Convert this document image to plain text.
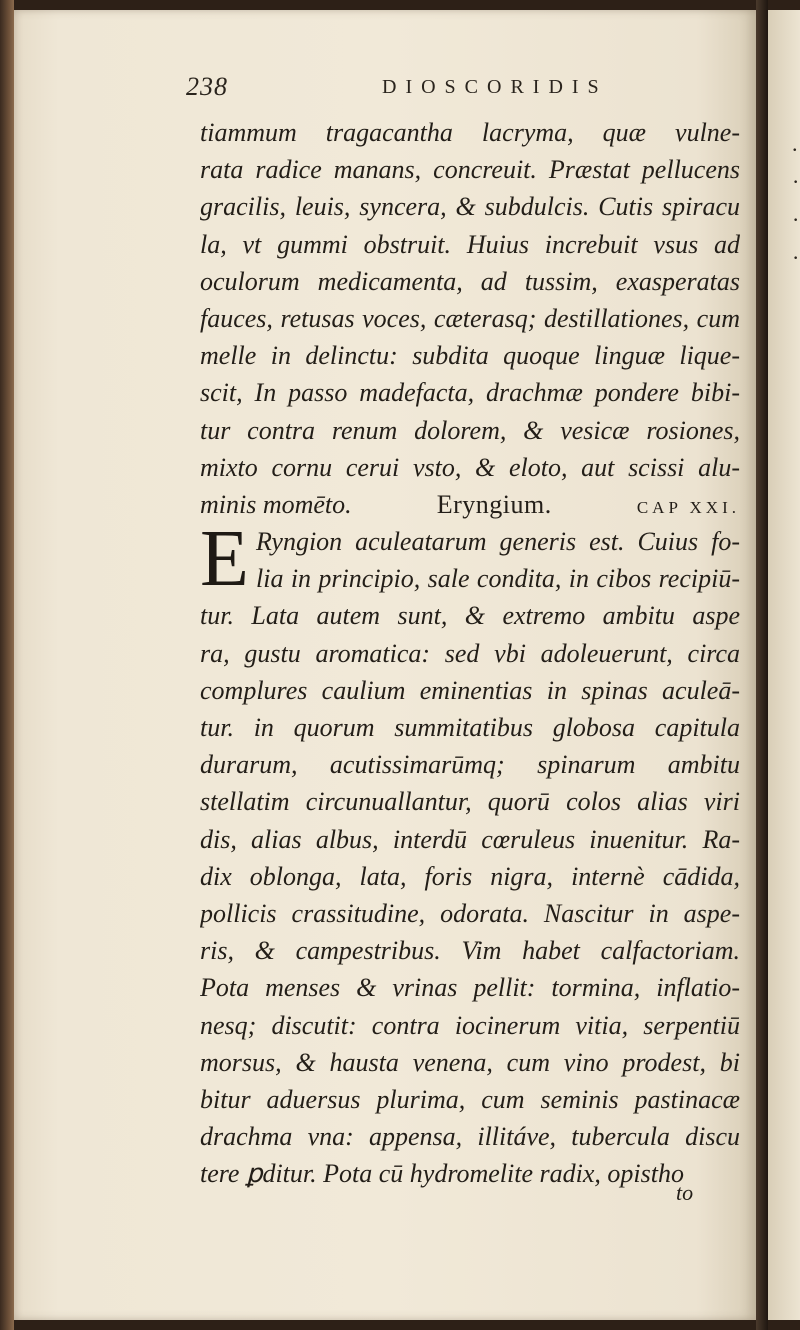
.
·
·
·
238	DIOSCORIDIS
tiammum tragacantha lacryma, quæ vulne-
rata radice manans, concreuit. Præstat pellucens
gracilis, leuis, syncera, & subdulcis. Cutis spiracu
la, vt gummi obstruit. Huius increbuit vsus ad
oculorum medicamenta, ad tussim, exasperatas
fauces, retusas voces, cæterasq; destillationes, cum
melle in delinctu: subdita quoque linguæ lique-
scit, In passo madefacta, drachmæ pondere bibi-
tur contra renum dolorem, & vesicæ rosiones,
mixto cornu cerui vsto, & eloto, aut scissi alu-
minis momēto.	Eryngium.	CAP XXI.
Ryngion aculeatarum generis est. Cuius fo-
lia in principio, sale condita, in cibos recipiū-
tur. Lata autem sunt, & extremo ambitu aspe
ra, gustu aromatica: sed vbi adoleuerunt, circa
complures caulium eminentias in spinas aculeā-
tur. in quorum summitatibus globosa capitula
durarum, acutissimarūmq; spinarum ambitu
stellatim circunuallantur, quorū colos alias viri
dis, alias albus, interdū cœruleus inuenitur. Ra-
dix oblonga, lata, foris nigra, internè cādida,
pollicis crassitudine, odorata. Nascitur in aspe-
ris, & campestribus. Vim habet calfactoriam.
Pota menses & vrinas pellit: tormina, inflatio-
nesq; discutit: contra iocinerum vitia, serpentiū
morsus, & hausta venena, cum vino prodest, bi
bitur aduersus plurima, cum seminis pastinacæ
drachma vna: appensa, illitáve, tubercula discu
tere ꝑditur. Pota cū hydromelite radix, opistho
E
to
